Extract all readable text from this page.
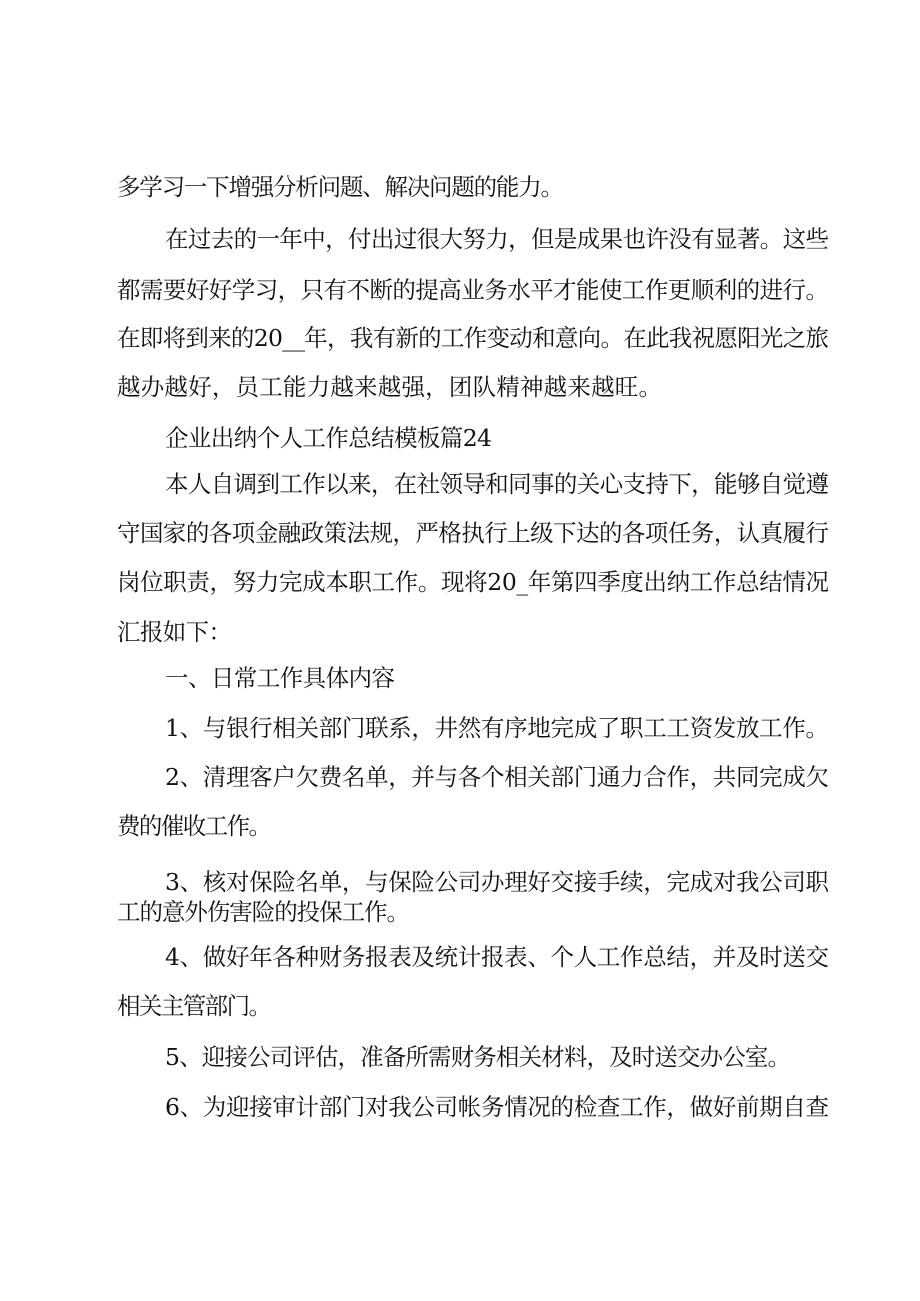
多学习一下增强分析问题、解决问题的能力。
在过去的一年中，付出过很大努力，但是成果也许没有显著。这些
都需要好好学习，只有不断的提高业务水平才能使工作更顺利的进行。
在即将到来的20__年，我有新的工作变动和意向。在此我祝愿阳光之旅
越办越好，员工能力越来越强，团队精神越来越旺。
企业出纳个人工作总结模板篇24
本人自调到工作以来，在社领导和同事的关心支持下，能够自觉遵
守国家的各项金融政策法规，严格执行上级下达的各项任务，认真履行
岗位职责，努力完成本职工作。现将20_年第四季度出纳工作总结情况
汇报如下：
一、日常工作具体内容
1、与银行相关部门联系，井然有序地完成了职工工资发放工作。
2、清理客户欠费名单，并与各个相关部门通力合作，共同完成欠
费的催收工作。
3、核对保险名单，与保险公司办理好交接手续，完成对我公司职
工的意外伤害险的投保工作。
4、做好年各种财务报表及统计报表、个人工作总结，并及时送交
相关主管部门。
5、迎接公司评估，准备所需财务相关材料，及时送交办公室。
6、为迎接审计部门对我公司帐务情况的检查工作，做好前期自查
